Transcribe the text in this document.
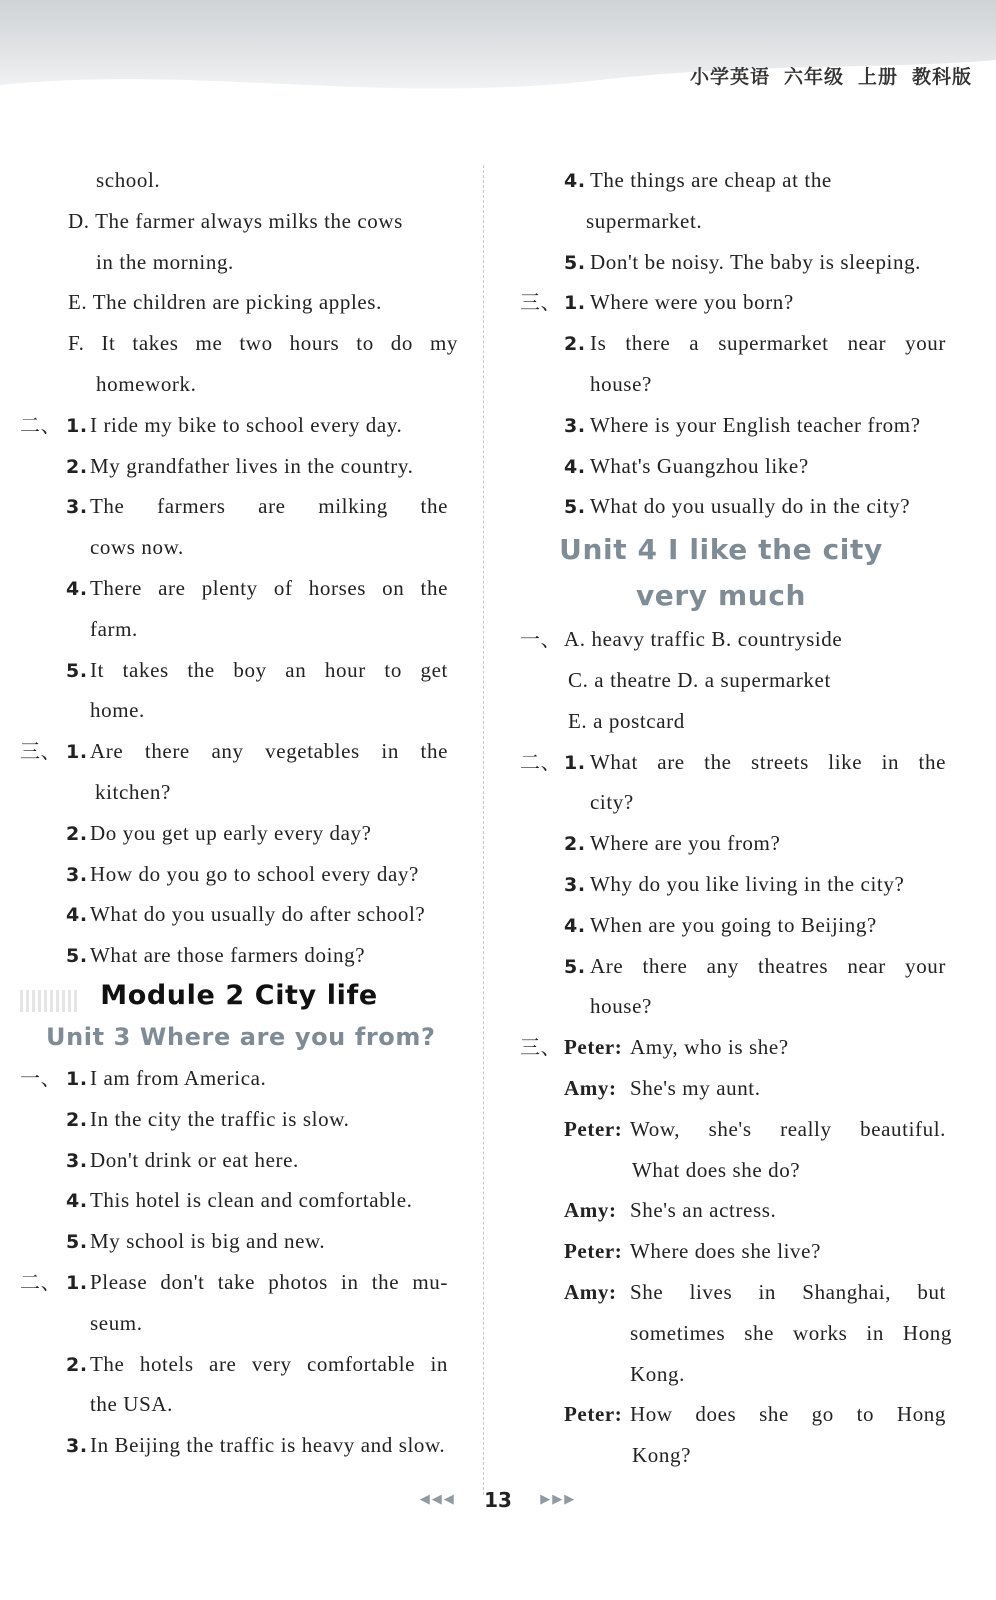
小学英语 六年级 上册 教科版
school.
D. The farmer always milks the cows
in the morning.
E. The children are picking apples.
F. It takes me two hours to do my
homework.
二、 1. I ride my bike to school every day.
2. My grandfather lives in the country.
3. The farmers are milking the
cows now.
4. There are plenty of horses on the
farm.
5. It takes the boy an hour to get
home.
三、 1. Are there any vegetables in the
kitchen?
2. Do you get up early every day?
3. How do you go to school every day?
4. What do you usually do after school?
5. What are those farmers doing?
Module 2 City life
Unit 3 Where are you from?
一、 1. I am from America.
2. In the city the traffic is slow.
3. Don't drink or eat here.
4. This hotel is clean and comfortable.
5. My school is big and new.
二、 1. Please don't take photos in the mu-
seum.
2. The hotels are very comfortable in
the USA.
3. In Beijing the traffic is heavy and slow.
4. The things are cheap at the
supermarket.
5. Don't be noisy. The baby is sleeping.
三、 1. Where were you born?
2. Is there a supermarket near your
house?
3. Where is your English teacher from?
4. What's Guangzhou like?
5. What do you usually do in the city?
Unit 4 I like the city very much
一、 A. heavy traffic B. countryside
C. a theatre D. a supermarket
E. a postcard
二、 1. What are the streets like in the
city?
2. Where are you from?
3. Why do you like living in the city?
4. When are you going to Beijing?
5. Are there any theatres near your
house?
三、 Peter: Amy, who is she?
Amy: She's my aunt.
Peter: Wow, she's really beautiful.
What does she do?
Amy: She's an actress.
Peter: Where does she live?
Amy: She lives in Shanghai, but
sometimes she works in Hong
Kong.
Peter: How does she go to Hong
Kong?
◀◀◀ 13 ▶▶▶
